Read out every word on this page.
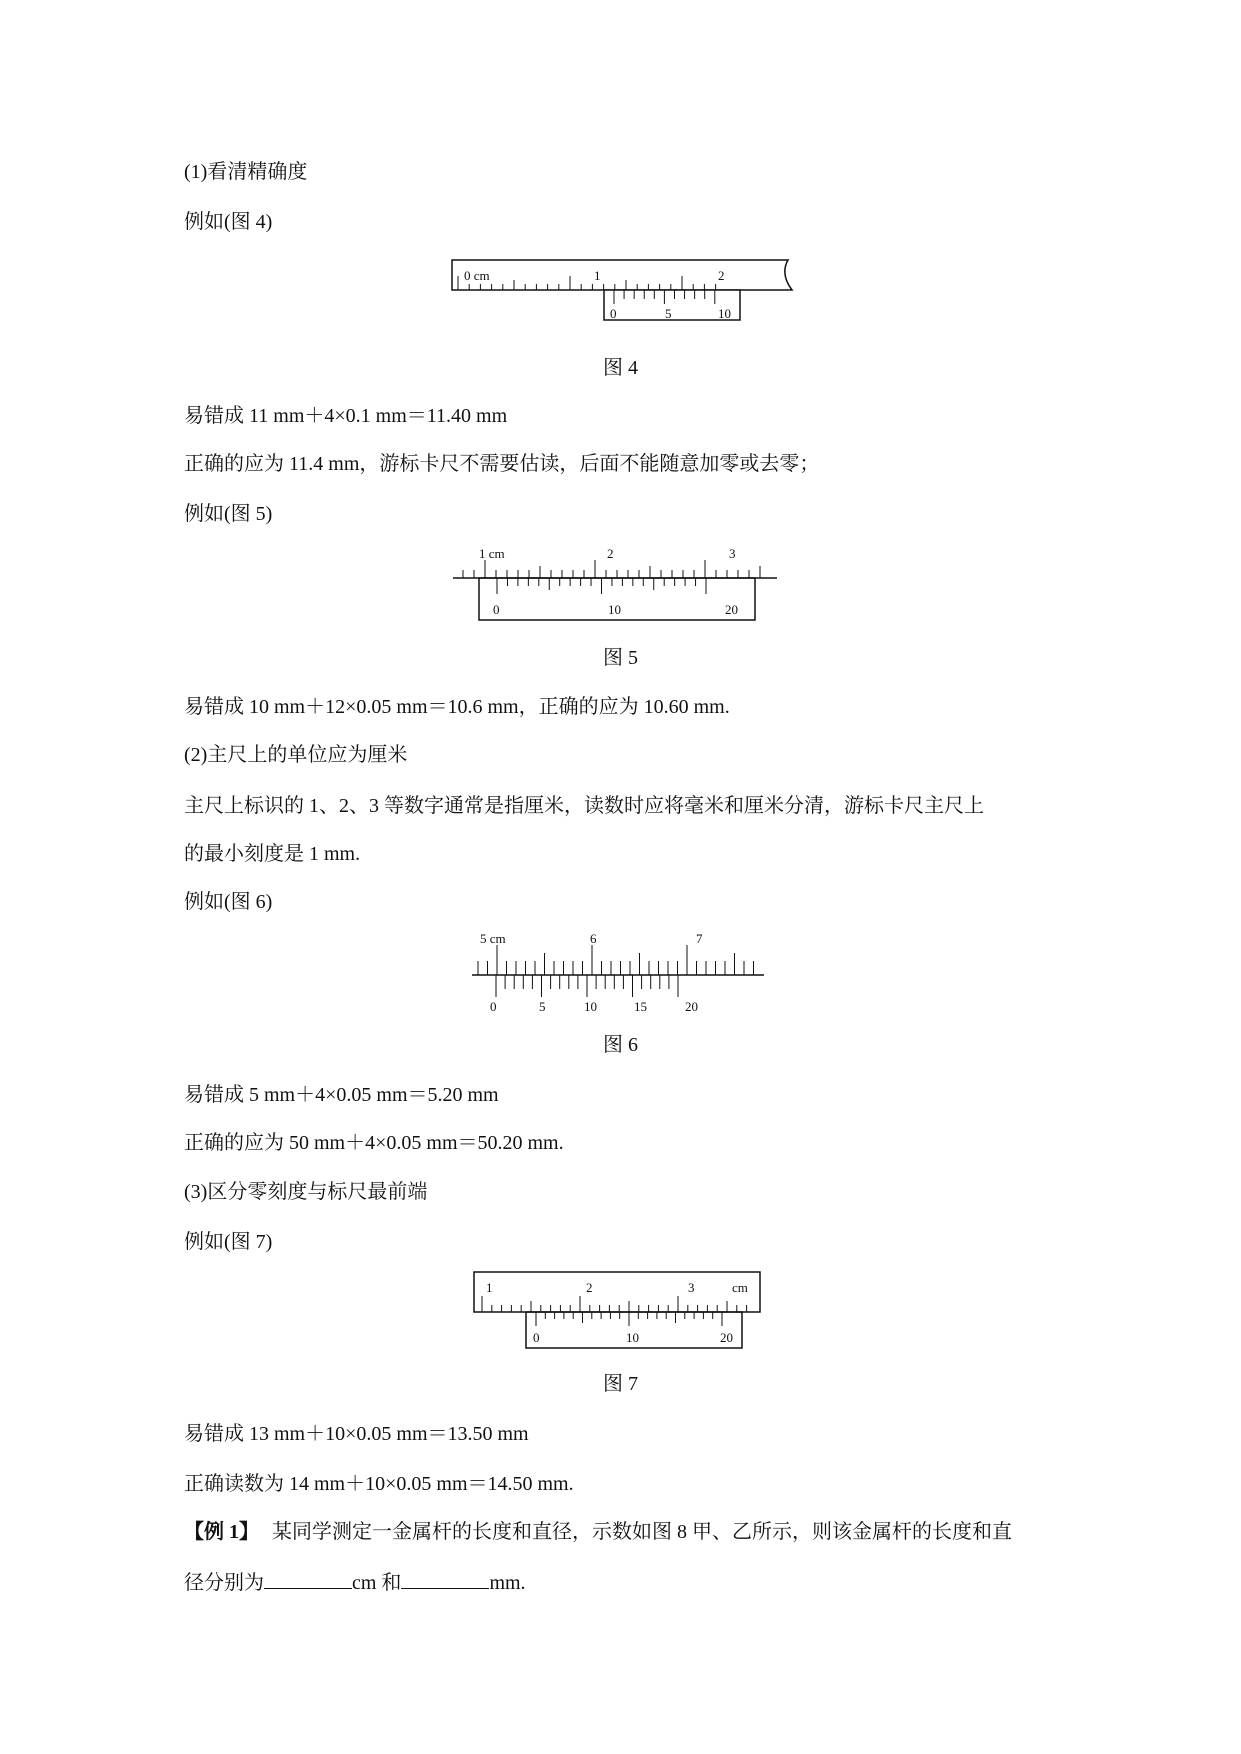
(1)看清精确度
例如(图 4)
0 cm	1	2
0	5	10
图 4
易错成 11 mm＋4×0.1 mm＝11.40 mm
正确的应为 11.4 mm，游标卡尺不需要估读，后面不能随意加零或去零；
例如(图 5)
1 cm	2	3
0	10	20
图 5
易错成 10 mm＋12×0.05 mm＝10.6 mm，正确的应为 10.60 mm.
(2)主尺上的单位应为厘米
主尺上标识的 1、2、3 等数字通常是指厘米，读数时应将毫米和厘米分清，游标卡尺主尺上
的最小刻度是 1 mm.
例如(图 6)
5 cm	6	7
0	5	10	15	20
图 6
易错成 5 mm＋4×0.05 mm＝5.20 mm
正确的应为 50 mm＋4×0.05 mm＝50.20 mm.
(3)区分零刻度与标尺最前端
例如(图 7)
1	2	3	cm
0	10	20
图 7
易错成 13 mm＋10×0.05 mm＝13.50 mm
正确读数为 14 mm＋10×0.05 mm＝14.50 mm.
【例 1】 某同学测定一金属杆的长度和直径，示数如图 8 甲、乙所示，则该金属杆的长度和直
径分别为	cm 和	mm.
